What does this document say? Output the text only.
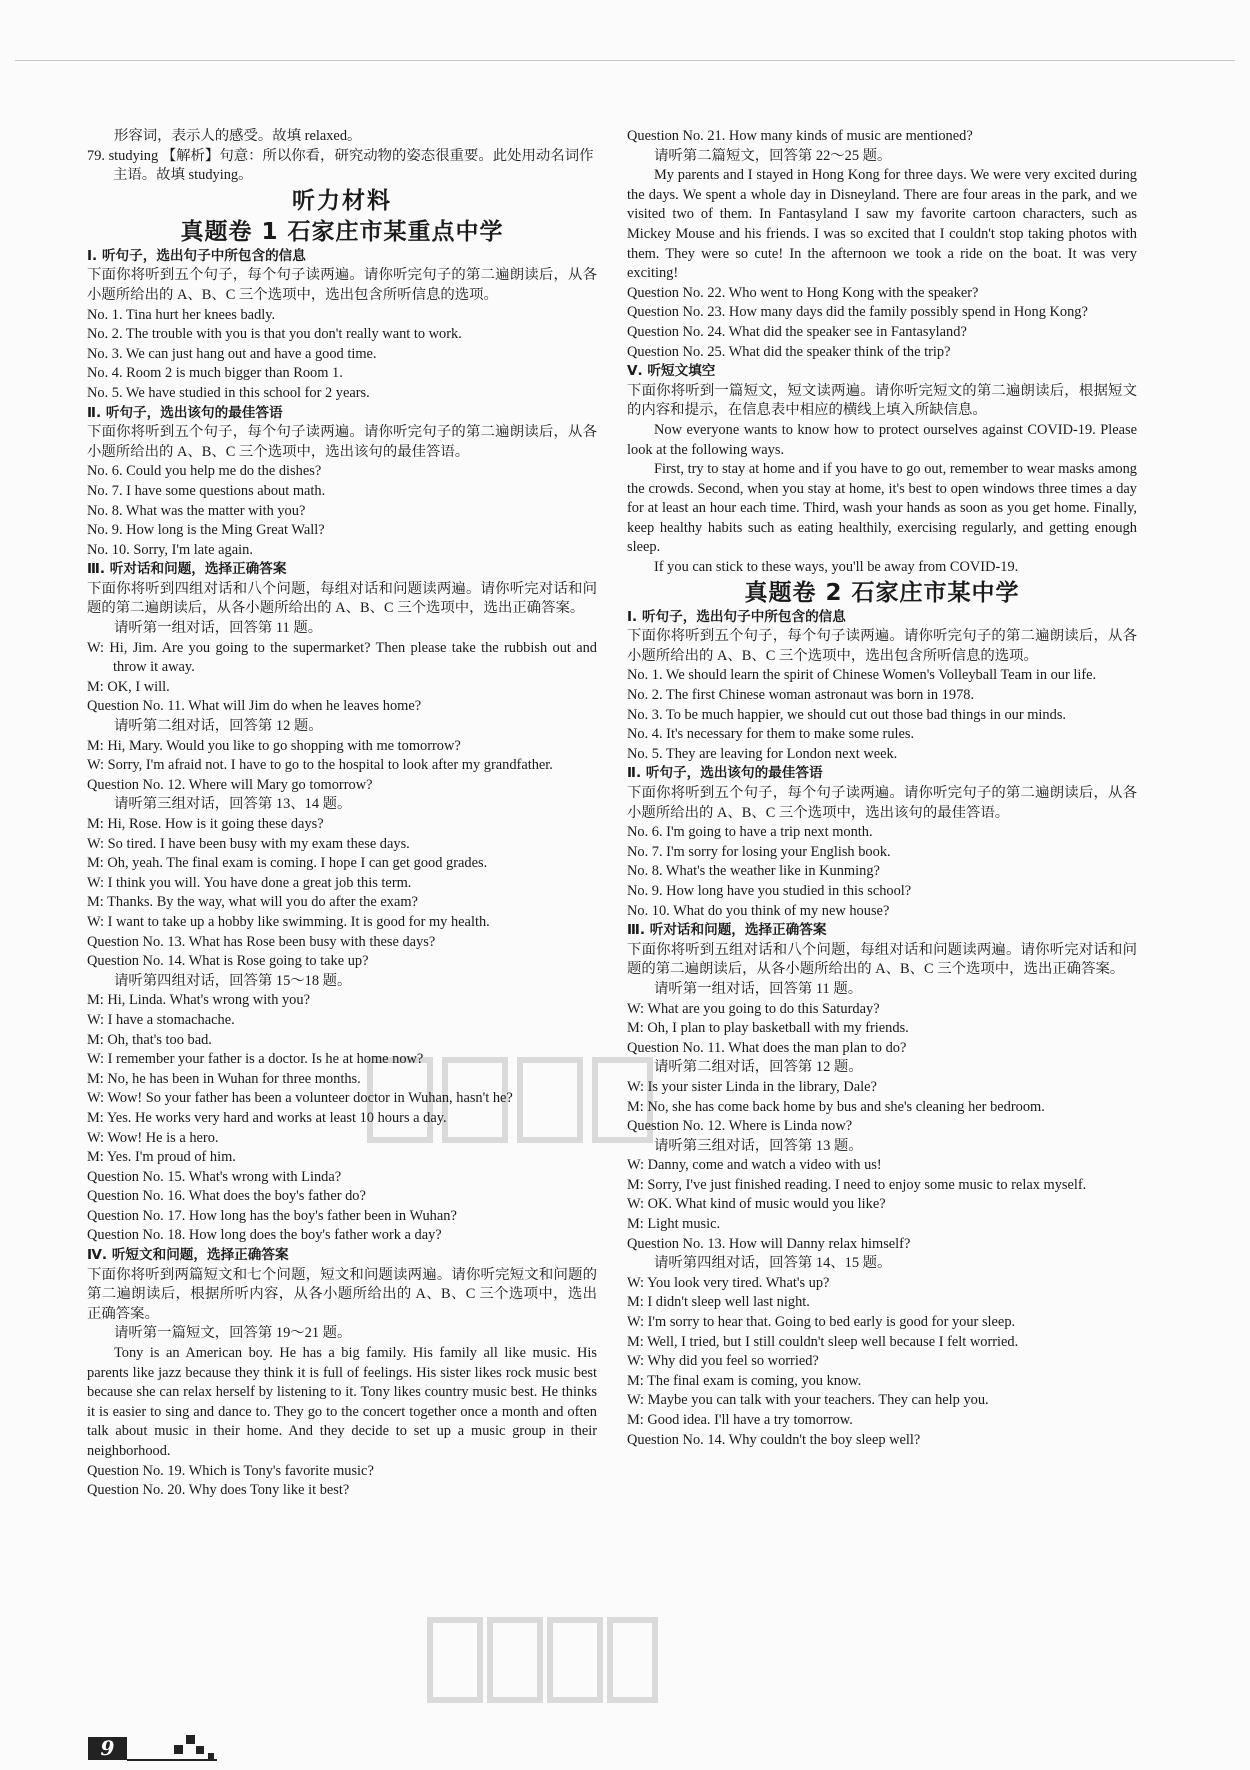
形容词，表示人的感受。故填 relaxed。

79. studying 【解析】句意：所以你看，研究动物的姿态很重要。此处用动名词作主语。故填 studying。

听力材料

真题卷 1 石家庄市某重点中学

Ⅰ. 听句子，选出句子中所包含的信息

下面你将听到五个句子，每个句子读两遍。请你听完句子的第二遍朗读后，从各小题所给出的 A、B、C 三个选项中，选出包含所听信息的选项。

No. 1. Tina hurt her knees badly.

No. 2. The trouble with you is that you don't really want to work.

No. 3. We can just hang out and have a good time.

No. 4. Room 2 is much bigger than Room 1.

No. 5. We have studied in this school for 2 years.

Ⅱ. 听句子，选出该句的最佳答语

下面你将听到五个句子，每个句子读两遍。请你听完句子的第二遍朗读后，从各小题所给出的 A、B、C 三个选项中，选出该句的最佳答语。

No. 6. Could you help me do the dishes?

No. 7. I have some questions about math.

No. 8. What was the matter with you?

No. 9. How long is the Ming Great Wall?

No. 10. Sorry, I'm late again.

Ⅲ. 听对话和问题，选择正确答案

下面你将听到四组对话和八个问题，每组对话和问题读两遍。请你听完对话和问题的第二遍朗读后，从各小题所给出的 A、B、C 三个选项中，选出正确答案。

请听第一组对话，回答第 11 题。

W: Hi, Jim. Are you going to the supermarket? Then please take the rubbish out and throw it away.

M: OK, I will.

Question No. 11. What will Jim do when he leaves home?

请听第二组对话，回答第 12 题。

M: Hi, Mary. Would you like to go shopping with me tomorrow?

W: Sorry, I'm afraid not. I have to go to the hospital to look after my grandfather.

Question No. 12. Where will Mary go tomorrow?

请听第三组对话，回答第 13、14 题。

M: Hi, Rose. How is it going these days?

W: So tired. I have been busy with my exam these days.

M: Oh, yeah. The final exam is coming. I hope I can get good grades.

W: I think you will. You have done a great job this term.

M: Thanks. By the way, what will you do after the exam?

W: I want to take up a hobby like swimming. It is good for my health.

Question No. 13. What has Rose been busy with these days?

Question No. 14. What is Rose going to take up?

请听第四组对话，回答第 15～18 题。

M: Hi, Linda. What's wrong with you?

W: I have a stomachache.

M: Oh, that's too bad.

W: I remember your father is a doctor. Is he at home now?

M: No, he has been in Wuhan for three months.

W: Wow! So your father has been a volunteer doctor in Wuhan, hasn't he?

M: Yes. He works very hard and works at least 10 hours a day.

W: Wow! He is a hero.

M: Yes. I'm proud of him.

Question No. 15. What's wrong with Linda?

Question No. 16. What does the boy's father do?

Question No. 17. How long has the boy's father been in Wuhan?

Question No. 18. How long does the boy's father work a day?

Ⅳ. 听短文和问题，选择正确答案

下面你将听到两篇短文和七个问题，短文和问题读两遍。请你听完短文和问题的第二遍朗读后，根据所听内容，从各小题所给出的 A、B、C 三个选项中，选出正确答案。

请听第一篇短文，回答第 19～21 题。

Tony is an American boy. He has a big family. His family all like music. His parents like jazz because they think it is full of feelings. His sister likes rock music best because she can relax herself by listening to it. Tony likes country music best. He thinks it is easier to sing and dance to. They go to the concert together once a month and often talk about music in their home. And they decide to set up a music group in their neighborhood.

Question No. 19. Which is Tony's favorite music?

Question No. 20. Why does Tony like it best?

Question No. 21. How many kinds of music are mentioned?

请听第二篇短文，回答第 22～25 题。

My parents and I stayed in Hong Kong for three days. We were very excited during the days. We spent a whole day in Disneyland. There are four areas in the park, and we visited two of them. In Fantasyland I saw my favorite cartoon characters, such as Mickey Mouse and his friends. I was so excited that I couldn't stop taking photos with them. They were so cute! In the afternoon we took a ride on the boat. It was very exciting!

Question No. 22. Who went to Hong Kong with the speaker?

Question No. 23. How many days did the family possibly spend in Hong Kong?

Question No. 24. What did the speaker see in Fantasyland?

Question No. 25. What did the speaker think of the trip?

Ⅴ. 听短文填空

下面你将听到一篇短文，短文读两遍。请你听完短文的第二遍朗读后，根据短文的内容和提示，在信息表中相应的横线上填入所缺信息。

Now everyone wants to know how to protect ourselves against COVID-19. Please look at the following ways.

First, try to stay at home and if you have to go out, remember to wear masks among the crowds. Second, when you stay at home, it's best to open windows three times a day for at least an hour each time. Third, wash your hands as soon as you get home. Finally, keep healthy habits such as eating healthily, exercising regularly, and getting enough sleep.

If you can stick to these ways, you'll be away from COVID-19.

真题卷 2 石家庄市某中学

Ⅰ. 听句子，选出句子中所包含的信息

下面你将听到五个句子，每个句子读两遍。请你听完句子的第二遍朗读后，从各小题所给出的 A、B、C 三个选项中，选出包含所听信息的选项。

No. 1. We should learn the spirit of Chinese Women's Volleyball Team in our life.

No. 2. The first Chinese woman astronaut was born in 1978.

No. 3. To be much happier, we should cut out those bad things in our minds.

No. 4. It's necessary for them to make some rules.

No. 5. They are leaving for London next week.

Ⅱ. 听句子，选出该句的最佳答语

下面你将听到五个句子，每个句子读两遍。请你听完句子的第二遍朗读后，从各小题所给出的 A、B、C 三个选项中，选出该句的最佳答语。

No. 6. I'm going to have a trip next month.

No. 7. I'm sorry for losing your English book.

No. 8. What's the weather like in Kunming?

No. 9. How long have you studied in this school?

No. 10. What do you think of my new house?

Ⅲ. 听对话和问题，选择正确答案

下面你将听到五组对话和八个问题，每组对话和问题读两遍。请你听完对话和问题的第二遍朗读后，从各小题所给出的 A、B、C 三个选项中，选出正确答案。

请听第一组对话，回答第 11 题。

W: What are you going to do this Saturday?

M: Oh, I plan to play basketball with my friends.

Question No. 11. What does the man plan to do?

请听第二组对话，回答第 12 题。

W: Is your sister Linda in the library, Dale?

M: No, she has come back home by bus and she's cleaning her bedroom.

Question No. 12. Where is Linda now?

请听第三组对话，回答第 13 题。

W: Danny, come and watch a video with us!

M: Sorry, I've just finished reading. I need to enjoy some music to relax myself.

W: OK. What kind of music would you like?

M: Light music.

Question No. 13. How will Danny relax himself?

请听第四组对话，回答第 14、15 题。

W: You look very tired. What's up?

M: I didn't sleep well last night.

W: I'm sorry to hear that. Going to bed early is good for your sleep.

M: Well, I tried, but I still couldn't sleep well because I felt worried.

W: Why did you feel so worried?

M: The final exam is coming, you know.

W: Maybe you can talk with your teachers. They can help you.

M: Good idea. I'll have a try tomorrow.

Question No. 14. Why couldn't the boy sleep well?

9
